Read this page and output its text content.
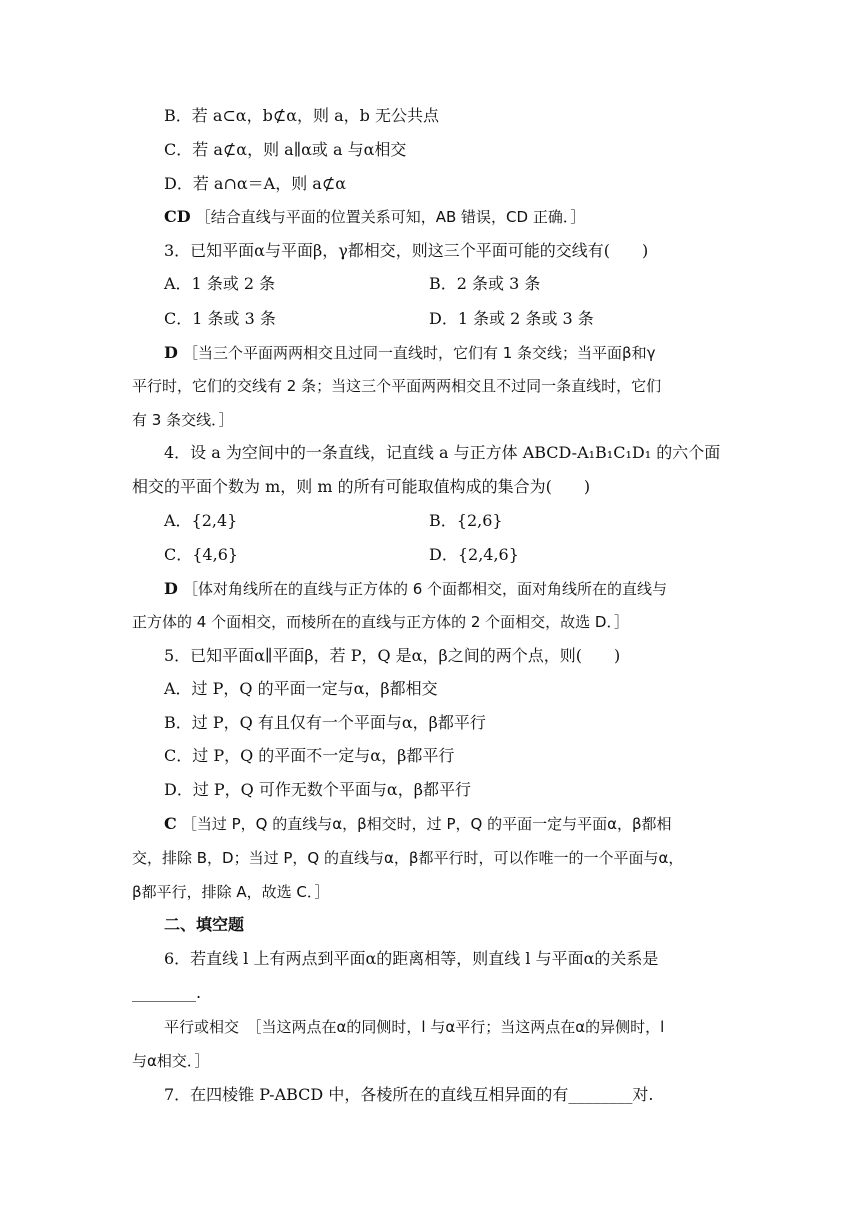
B．若 a⊂α，b⊄α，则 a，b 无公共点
C．若 a⊄α，则 a∥α或 a 与α相交
D．若 a∩α＝A，则 a⊄α
CD ［结合直线与平面的位置关系可知，AB 错误，CD 正确．］
3．已知平面α与平面β，γ都相交，则这三个平面可能的交线有(　　)
A．1 条或 2 条	B．2 条或 3 条
C．1 条或 3 条	D．1 条或 2 条或 3 条
D ［当三个平面两两相交且过同一直线时，它们有 1 条交线；当平面β和γ
平行时，它们的交线有 2 条；当这三个平面两两相交且不过同一条直线时，它们
有 3 条交线．］
4．设 a 为空间中的一条直线，记直线 a 与正方体 ABCD-A₁B₁C₁D₁ 的六个面
相交的平面个数为 m，则 m 的所有可能取值构成的集合为(　　)
A．{2,4}	B．{2,6}
C．{4,6}	D．{2,4,6}
D ［体对角线所在的直线与正方体的 6 个面都相交，面对角线所在的直线与
正方体的 4 个面相交，而棱所在的直线与正方体的 2 个面相交，故选 D．］
5．已知平面α∥平面β，若 P，Q 是α，β之间的两个点，则(　　)
A．过 P，Q 的平面一定与α，β都相交
B．过 P，Q 有且仅有一个平面与α，β都平行
C．过 P，Q 的平面不一定与α，β都平行
D．过 P，Q 可作无数个平面与α，β都平行
C ［当过 P，Q 的直线与α，β相交时，过 P，Q 的平面一定与平面α，β都相
交，排除 B，D；当过 P，Q 的直线与α，β都平行时，可以作唯一的一个平面与α，
β都平行，排除 A，故选 C．］
二、填空题
6．若直线 l 上有两点到平面α的距离相等，则直线 l 与平面α的关系是
________.
平行或相交　［当这两点在α的同侧时，l 与α平行；当这两点在α的异侧时，l
与α相交．］
7．在四棱锥 P-ABCD 中，各棱所在的直线互相异面的有________对.
